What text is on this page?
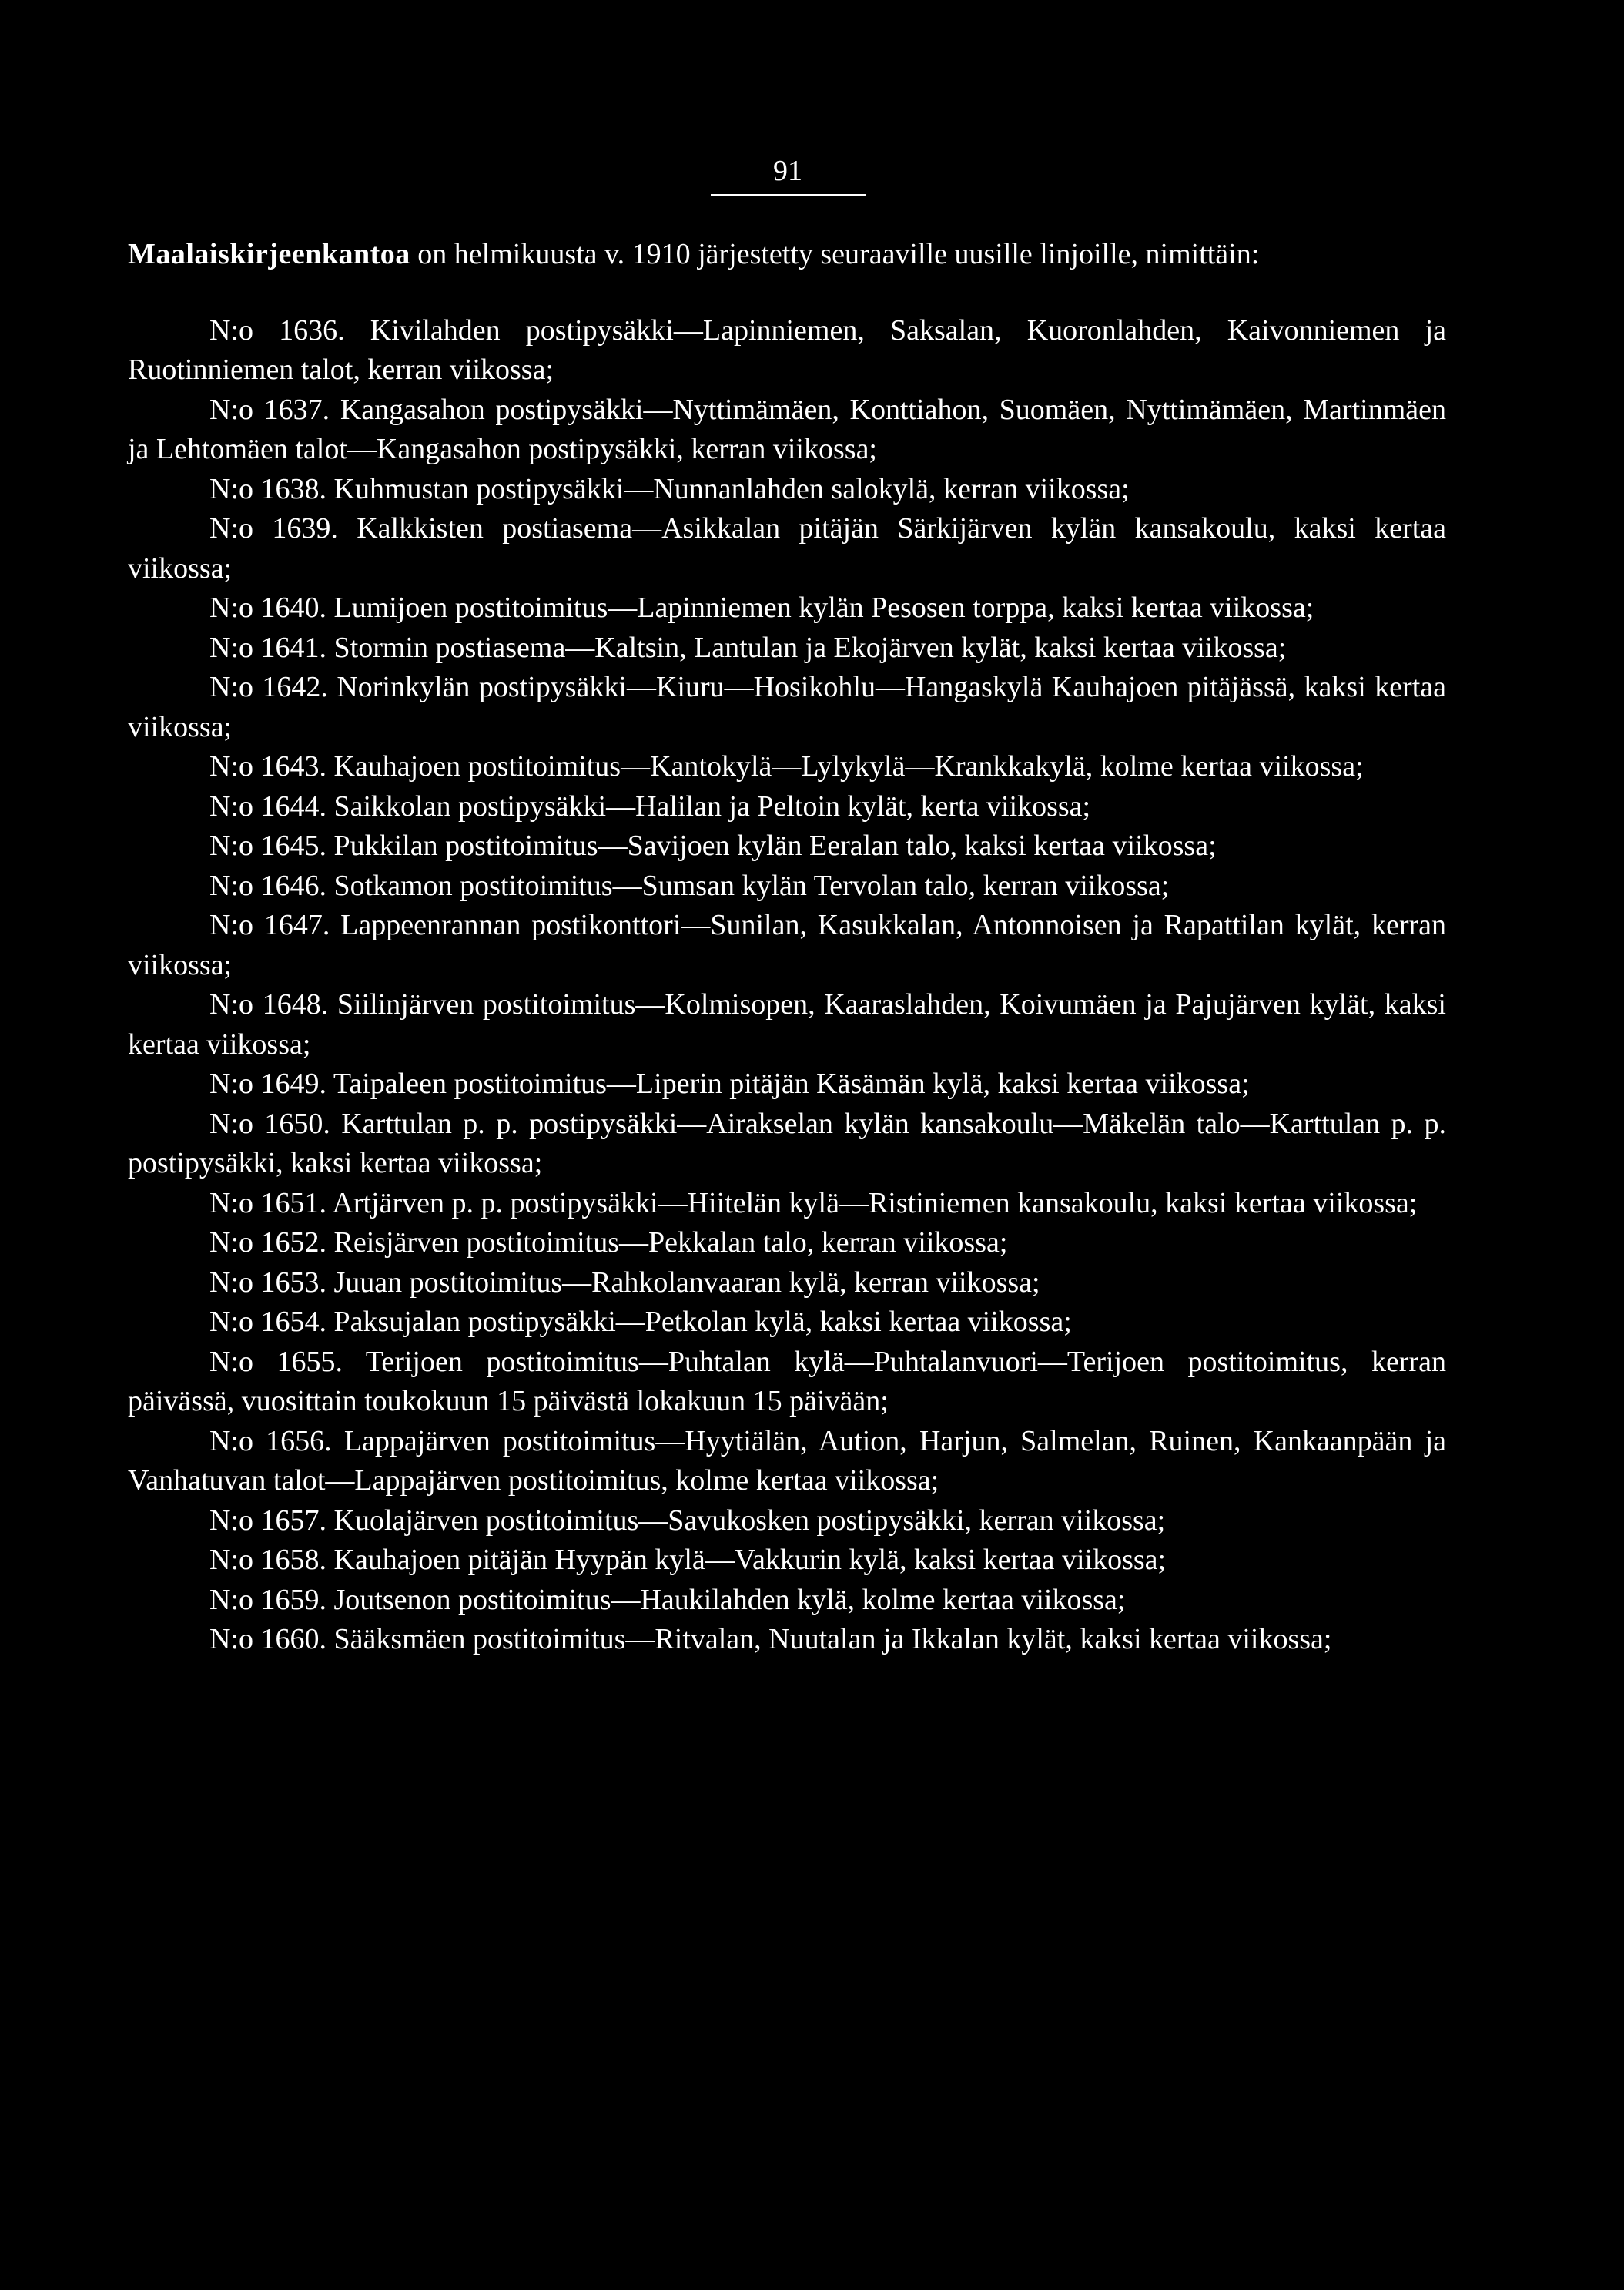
91

Maalaiskirjeenkantoa on helmikuusta v. 1910 järjestetty seuraaville uusille linjoille, nimittäin:

N:o 1636. Kivilahden postipysäkki—Lapinniemen, Saksalan, Kuoronlahden, Kaivonniemen ja Ruotinniemen talot, kerran viikossa;

N:o 1637. Kangasahon postipysäkki—Nyttimämäen, Konttiahon, Suomäen, Nyttimämäen, Martinmäen ja Lehtomäen talot—Kangasahon postipysäkki, kerran viikossa;

N:o 1638. Kuhmustan postipysäkki—Nunnanlahden salokylä, kerran viikossa;

N:o 1639. Kalkkisten postiasema—Asikkalan pitäjän Särkijärven kylän kansakoulu, kaksi kertaa viikossa;

N:o 1640. Lumijoen postitoimitus—Lapinniemen kylän Pesosen torppa, kaksi kertaa viikossa;

N:o 1641. Stormin postiasema—Kaltsin, Lantulan ja Ekojärven kylät, kaksi kertaa viikossa;

N:o 1642. Norinkylän postipysäkki—Kiuru—Hosikohlu—Hangaskylä Kauhajoen pitäjässä, kaksi kertaa viikossa;

N:o 1643. Kauhajoen postitoimitus—Kantokylä—Lylykylä—Krankkakylä, kolme kertaa viikossa;

N:o 1644. Saikkolan postipysäkki—Halilan ja Peltoin kylät, kerta viikossa;

N:o 1645. Pukkilan postitoimitus—Savijoen kylän Eeralan talo, kaksi kertaa viikossa;

N:o 1646. Sotkamon postitoimitus—Sumsan kylän Tervolan talo, kerran viikossa;

N:o 1647. Lappeenrannan postikonttori—Sunilan, Kasukkalan, Antonnoisen ja Rapattilan kylät, kerran viikossa;

N:o 1648. Siilinjärven postitoimitus—Kolmisopen, Kaaraslahden, Koivumäen ja Pajujärven kylät, kaksi kertaa viikossa;

N:o 1649. Taipaleen postitoimitus—Liperin pitäjän Käsämän kylä, kaksi kertaa viikossa;

N:o 1650. Karttulan p. p. postipysäkki—Airakselan kylän kansakoulu—Mäkelän talo—Karttulan p. p. postipysäkki, kaksi kertaa viikossa;

N:o 1651. Artjärven p. p. postipysäkki—Hiitelän kylä—Ristiniemen kansakoulu, kaksi kertaa viikossa;

N:o 1652. Reisjärven postitoimitus—Pekkalan talo, kerran viikossa;

N:o 1653. Juuan postitoimitus—Rahkolanvaaran kylä, kerran viikossa;

N:o 1654. Paksujalan postipysäkki—Petkolan kylä, kaksi kertaa viikossa;

N:o 1655. Terijoen postitoimitus—Puhtalan kylä—Puhtalanvuori—Terijoen postitoimitus, kerran päivässä, vuosittain toukokuun 15 päivästä lokakuun 15 päivään;

N:o 1656. Lappajärven postitoimitus—Hyytiälän, Aution, Harjun, Salmelan, Ruinen, Kankaanpään ja Vanhatuvan talot—Lappajärven postitoimitus, kolme kertaa viikossa;

N:o 1657. Kuolajärven postitoimitus—Savukosken postipysäkki, kerran viikossa;

N:o 1658. Kauhajoen pitäjän Hyypän kylä—Vakkurin kylä, kaksi kertaa viikossa;

N:o 1659. Joutsenon postitoimitus—Haukilahden kylä, kolme kertaa viikossa;

N:o 1660. Sääksmäen postitoimitus—Ritvalan, Nuutalan ja Ikkalan kylät, kaksi kertaa viikossa;
